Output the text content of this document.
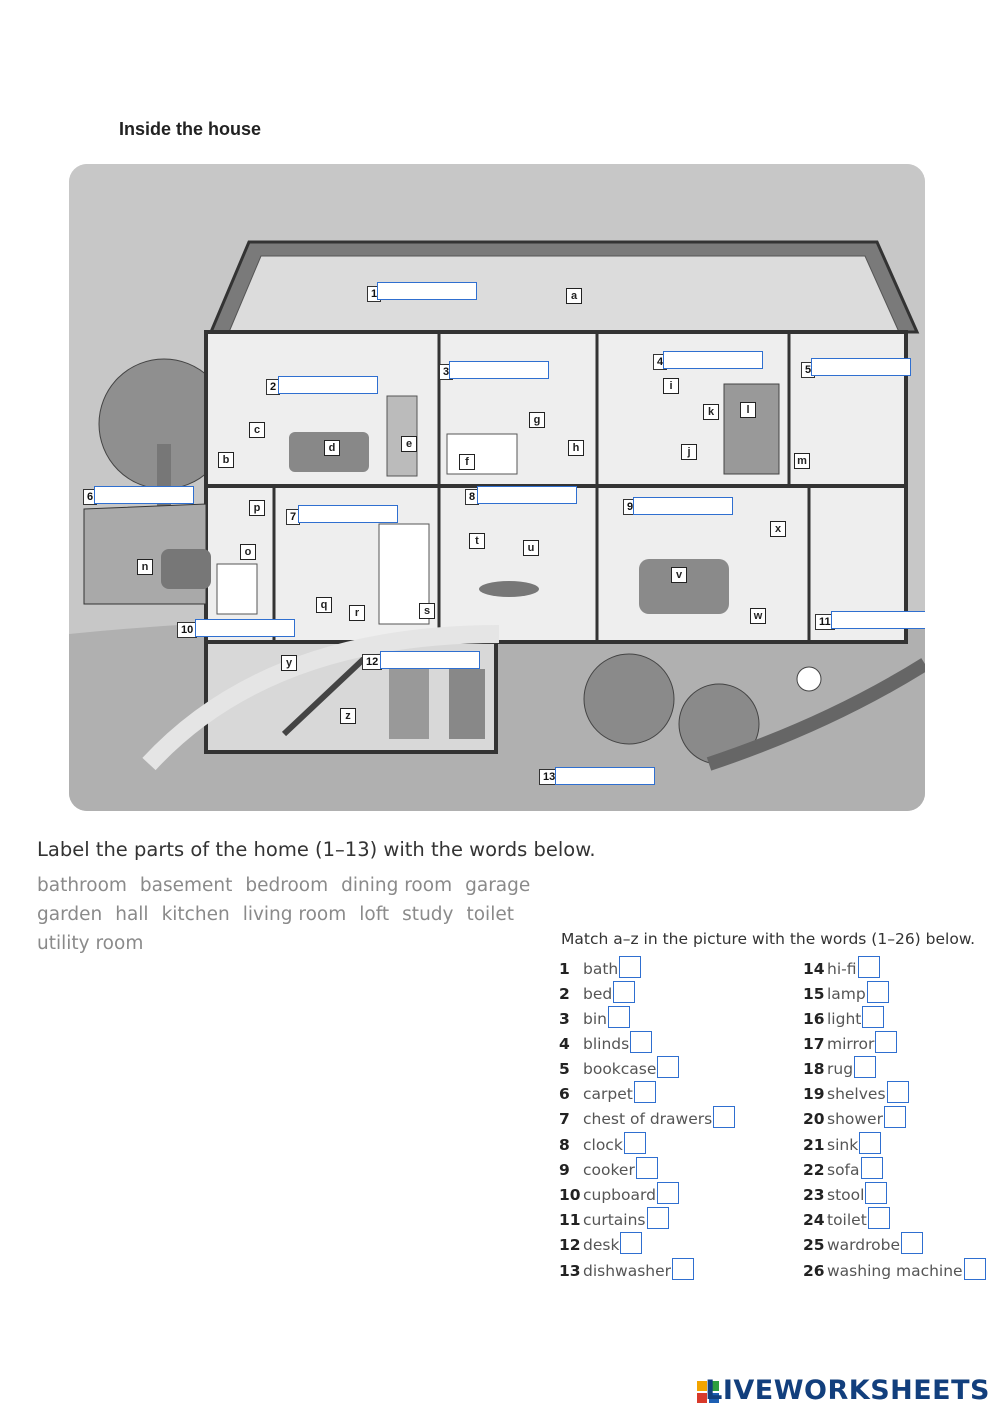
Inside the house
1
2
3
4
5
6
7
8
9
10
11
12
13
a
b
c
d	e
f
g
h
i
j
k	l
m
n
o
p
q
r	s
t
u
v
w
x
y
z
Label the parts of the home (1–13) with the words below.
bathroom basement bedroom dining room garagegarden hall kitchen living room loft study toiletutility room	Match a–z in the picture with the words (1–26) below.
1 bath
2 bed
3 bin
4 blinds
5 bookcase
6 carpet
7 chest of drawers
8 clock
9 cooker
10 cupboard
11 curtains
12 desk
13 dishwasher
14 hi-fi
15 lamp
16 light
17 mirror
18 rug
19 shelves
20 shower
21 sink
22 sofa
23 stool
24 toilet
25 wardrobe
26 washing machine
LIVEWORKSHEETS
